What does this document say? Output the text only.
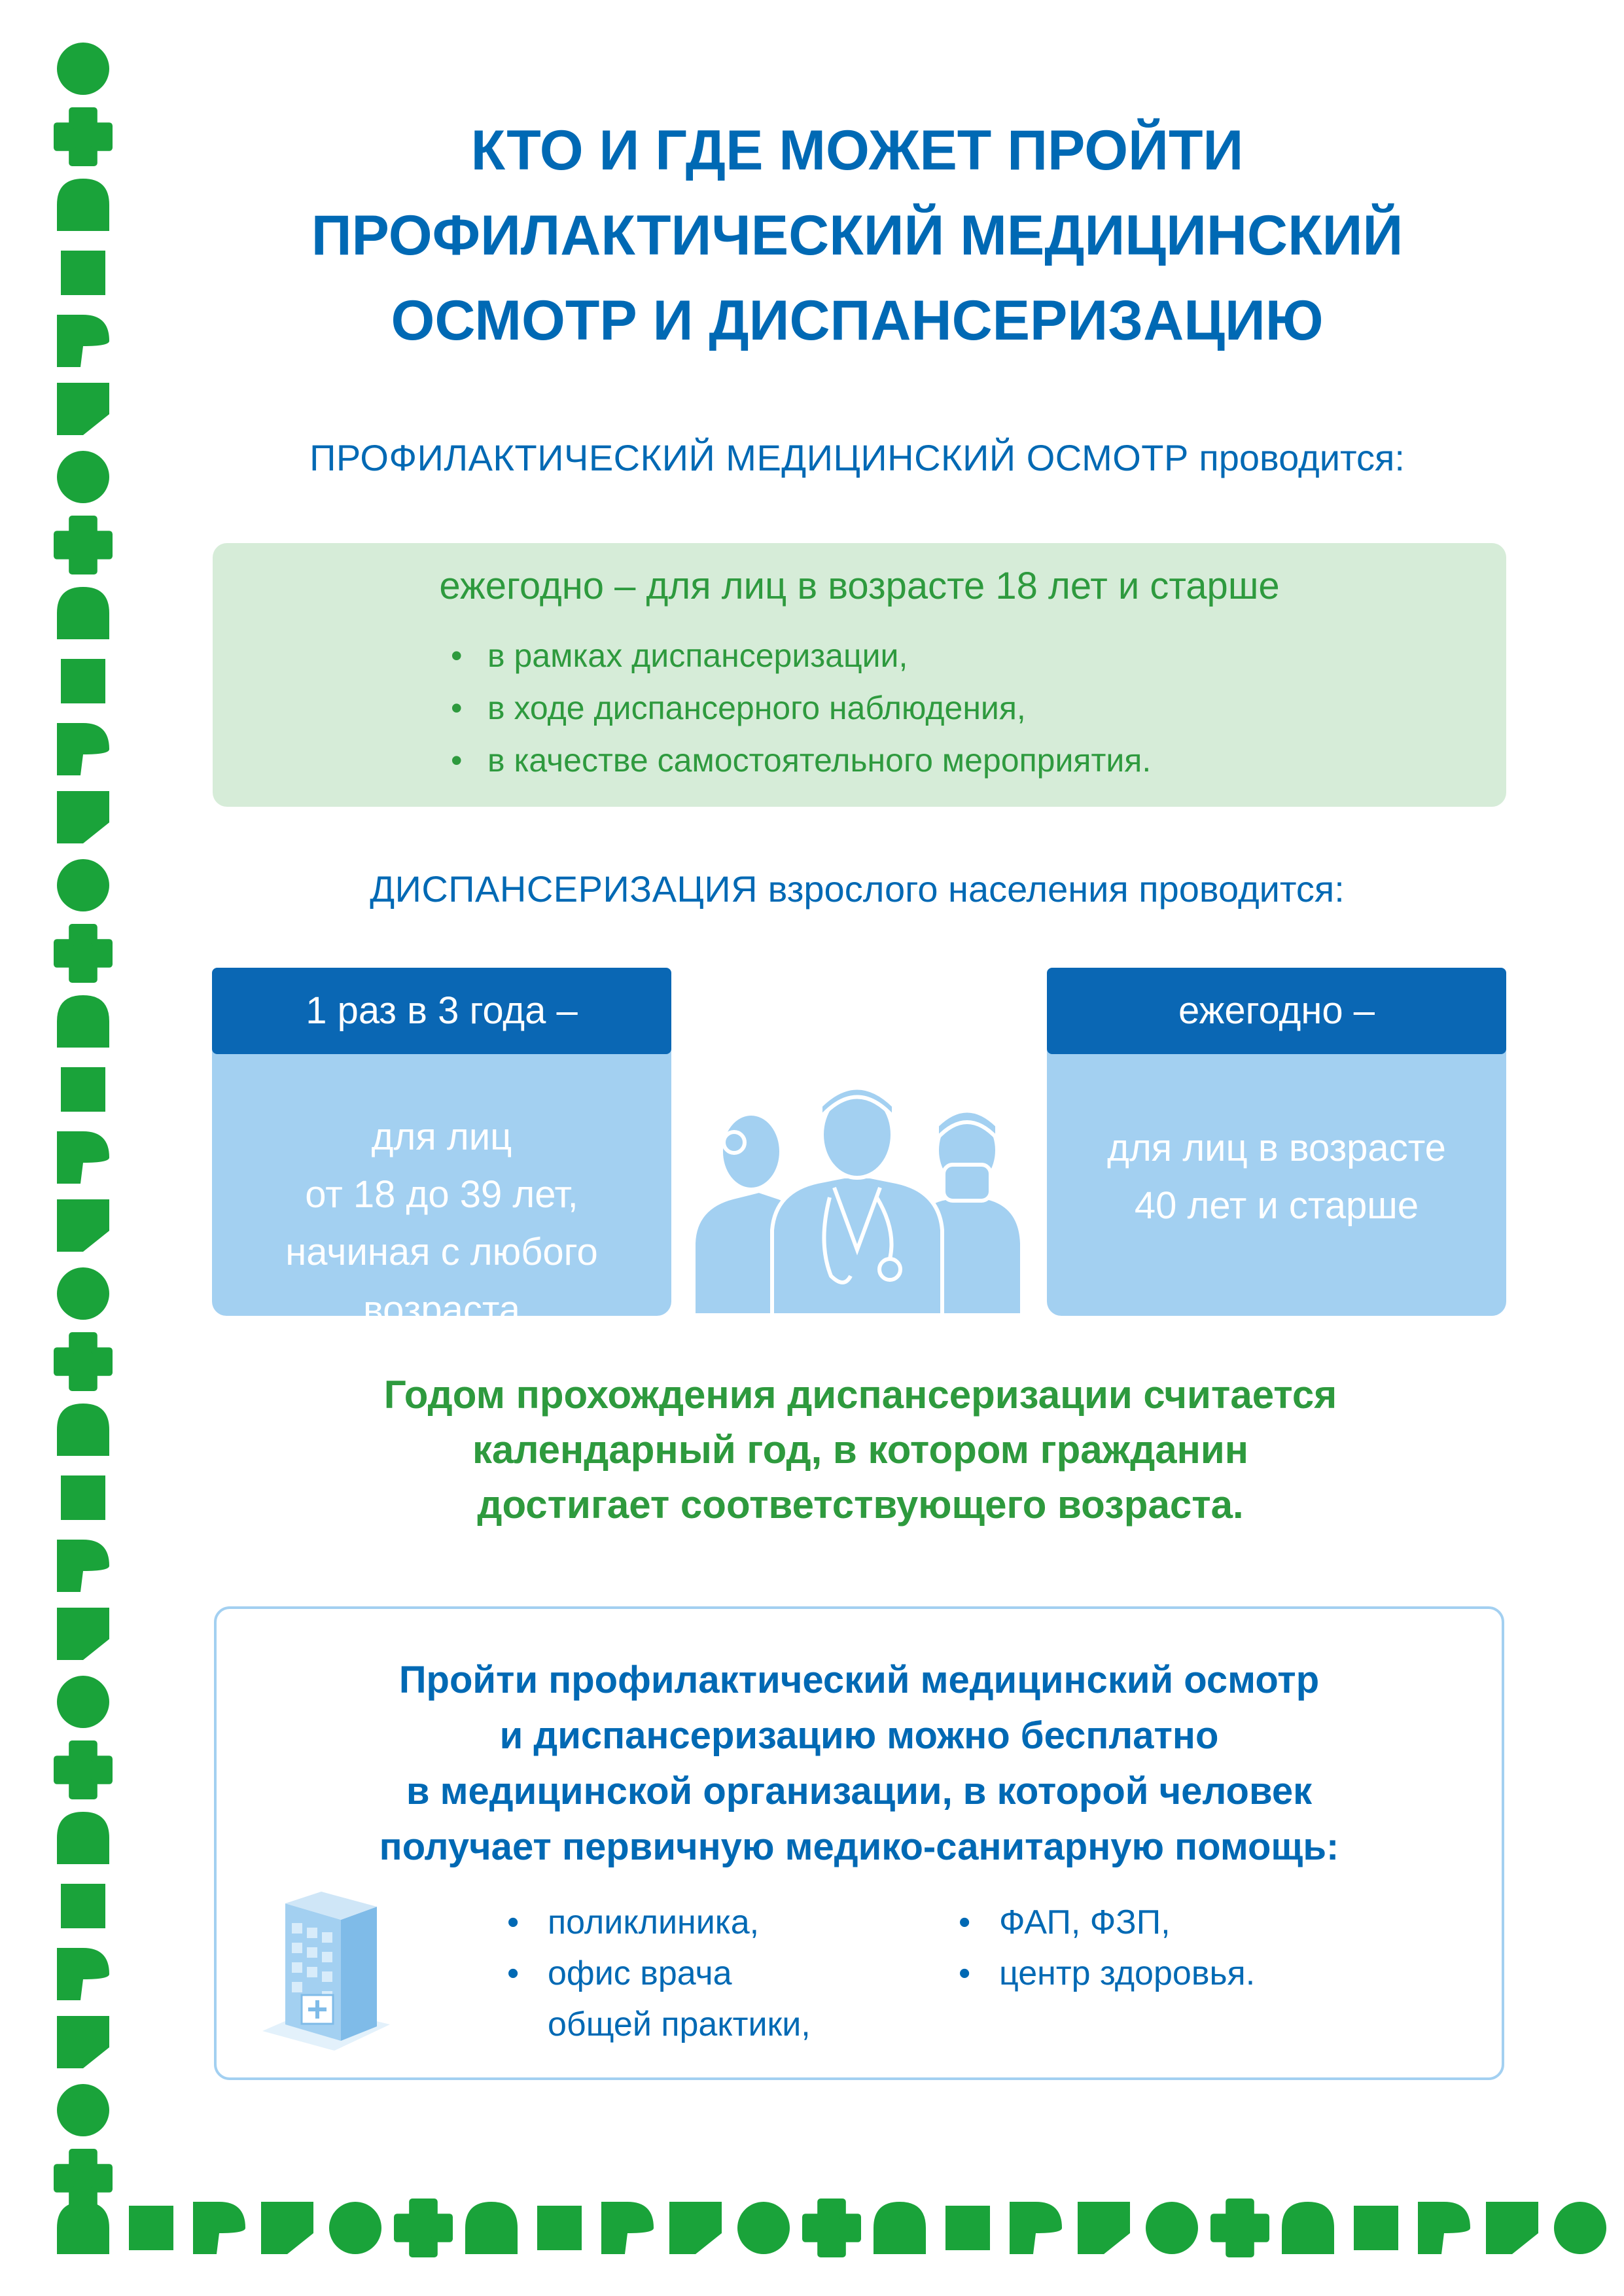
КТО И ГДЕ МОЖЕТ ПРОЙТИ
ПРОФИЛАКТИЧЕСКИЙ МЕДИЦИНСКИЙ
ОСМОТР И ДИСПАНСЕРИЗАЦИЮ
ПРОФИЛАКТИЧЕСКИЙ МЕДИЦИНСКИЙ ОСМОТР проводится:
ежегодно – для лиц в возрасте 18 лет и старше
• в рамках диспансеризации,
• в ходе диспансерного наблюдения,
• в качестве самостоятельного мероприятия.
ДИСПАНСЕРИЗАЦИЯ взрослого населения проводится:
для лиц
от 18 до 39 лет,
начиная с любого
возраста
1 раз в 3 года –
для лиц в возрасте
40 лет и старше
ежегодно –
Годом прохождения диспансеризации считается
календарный год, в котором гражданин
достигает соответствующего возраста.
Пройти профилактический медицинский осмотр
и диспансеризацию можно бесплатно
в медицинской организации, в которой человек
получает первичную медико-санитарную помощь:
• поликлиника,
• офис врача
общей практики,
• ФАП, ФЗП,
• центр здоровья.
